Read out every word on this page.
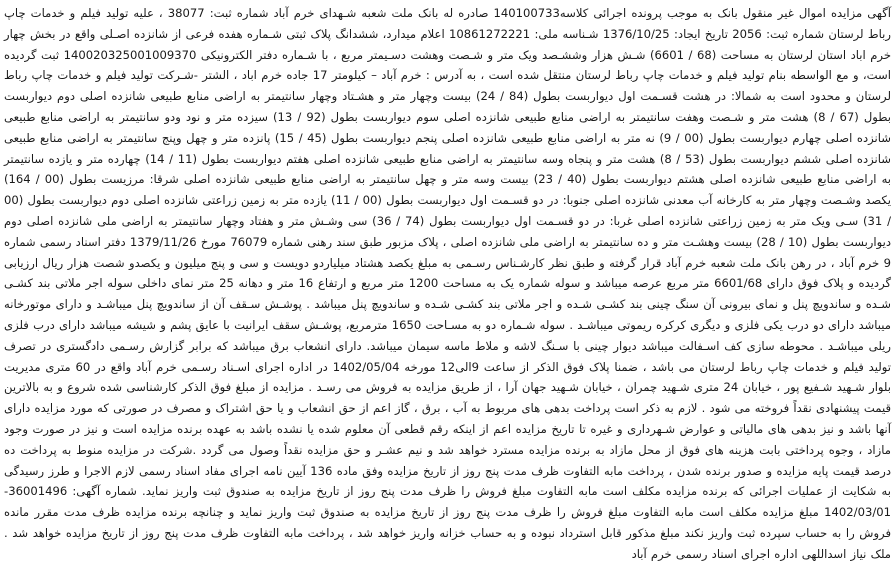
آگهی مزایده اموال غیر منقول بانک به موجب پرونده اجرائی کلاسه140100733 صادره له بانک ملت شعبه شـهدای خرم آباد شماره ثبت: 38077 ، علیه تولید فیلم و خدمات چاپ رباط لرستان شماره ثبت: 2056 تاریخ ایجاد: 1376/10/25 شـناسه ملی: 10861272221 اعلام میدارد، ششدانگ پلاک ثبتی شـماره هفده فرعی از شانزده اصـلی واقع در بخش چهار خرم اباد استان لرستان به مساحت (68 / 6601) شـش هزار وششـصد ویک متر و شـصت وهشت دسـیمتر مربع ، با شـماره دفتر الکترونیکی 140020325001009370 ثبت گردیده است، و مع الواسطه بنام تولید فیلم و خدمات چاپ رباط لرستان منتقل شده است ، به آدرس : خرم آباد – کیلومتر 17 جاده خرم اباد ، الشتر -شـرکت تولید فیلم و خدمات چاپ رباط لرستان و محدود است به شمالا: در هشت قسـمت اول دیواربست بطول (84 / 24) بیست وچهار متر و هشـتاد وچهار سانتیمتر به اراضی منابع طبیعی شانزده اصلی دوم دیواربست بطول (67 / 8) هشت متر و شـصت وهفت سانتیمتر به اراضی منابع طبیعی شانزده اصلی سوم دیواربست بطول (92 / 13) سیزده متر و نود ودو سانتیمتر به اراضی منابع طبیعی شانزده اصلی چهارم دیواربست بطول (00 / 9) نه متر به اراضی منابع طبیعی شانزده اصلی پنجم دیواربست بطول (45 / 15) پانزده متر و چهل وپنج سانتیمتر به اراضی منابع طبیعی شانزده اصلی ششم دیواربست بطول (53 / 8) هشت متر و پنجاه وسه سانتیمتر به اراضی منابع طبیعی شانزده اصلی هفتم دیواربست بطول (11 / 14) چهارده متر و یازده سانتیمتر به اراضی منابع طبیعی شانزده اصلی هشتم دیواربست بطول (40 / 23) بیست وسه متر و چهل سانتیمتر به اراضی منابع طبیعی شانزده اصلی شرقا: مرزیست بطول (00 / 164) یکصد وشـصت وچهار متر به کارخانه آب معدنی شانزده اصلی جنوبا: در دو قسـمت اول دیواربست بطول (00 / 11) یازده متر به زمین زراعتی شانزده اصلی دوم دیواربست بطول (00 / 31) سـی ویک متر به زمین زراعتی شانزده اصلی غربا: در دو قسـمت اول دیواربست بطول (74 / 36) سی وشـش متر و هفتاد وچهار سانتیمتر به اراضی ملی شانزده اصلی دوم دیواربست بطول (10 / 28) بیست وهشـت متر و ده سانتیمتر به اراضی ملی شانزده اصلی ، پلاک مزبور طبق سند رهنی شماره 76079 مورخ 1379/11/26 دفتر اسناد رسمی شماره 9 خرم آباد ، در رهن بانک ملت شعبه خرم آباد قرار گرفته و طبق نظر کارشـناس رسـمی به مبلغ یکصد هشتاد میلیاردو دویست و سی و پنج میلیون و یکصدو شصت هزار ریال ارزیابی گردیده و پلاک فوق دارای 6601/68 متر مربع عرصه میباشد و سوله شماره یک به مساحت 1200 متر مربع و ارتفاع 16 متر و دهانه 25 متر نمای داخلی سوله اجر ملاتی بند کشـی شـده و ساندویچ پنل و نمای بیرونی آن سنگ چینی بند کشـی شـده و اجر ملاتی بند کشـی شـده و ساندویچ پنل میباشد . پوشـش سـقف آن از ساندویچ پنل میباشـد و دارای موتورخانه میباشد دارای دو درب یکی فلزی و دیگری کرکره ریموتی میباشـد . سوله شـماره دو به مسـاحت 1650 مترمربع، پوشـش سقف ایرانیت با عایق پشم و شیشه میباشد دارای درب فلزی ریلی میباشـد . محوطه سازی کف اسـفالت میباشد دیوار چینی با سـنگ لاشه و ملاط ماسه سیمان میباشد. دارای انشعاب برق میباشد که برابر گزارش رسـمی دادگستری در تصرف تولید فیلم و خدمات چاپ رباط لرستان می باشد ، ضمنا پلاک فوق الذکر از ساعت 9الی12 مورخه 1402/05/04 در اداره اجرای اسـناد رسـمی خرم آباد واقع در 60 متری مدیریت بلوار شـهید شـفیع پور ، خیابان 24 متری شـهید چمران ، خیابان شـهید جهان آرا ، از طریق مزایده به فروش می رسـد . مزایده از مبلغ فوق الذکر کارشناسی شده شروع و به بالاترین قیمت پیشنهادی نقداً فروخته می شود . لازم به ذکر است پرداخت بدهی های مربوط به آب ، برق ، گاز اعم از حق انشعاب و یا حق اشتراک و مصرف در صورتی که مورد مزایده دارای آنها باشد و نیز بدهی های مالیاتی و عوارض شـهرداری و غیره تا تاریخ مزایده اعم از اینکه رقم قطعی آن معلوم شده یا نشده باشد به عهده برنده مزایده است و نیز در صورت وجود مازاد ، وجوه پرداختی بابت هزینه های فوق از محل مازاد به برنده مزایده مسترد خواهد شد و نیم عشـر و حق مزایده نقداً وصول می گردد .شرکت در مزایده منوط به پرداخت ده درصد قیمت پایه مزایده و صدور برنده شدن ، پرداخت مابه التفاوت ظرف مدت پنج روز از تاریخ مزایده وفق ماده 136 آیین نامه اجرای مفاد اسناد رسمی لازم الاجرا و طرز رسیدگی به شکایت از عملیات اجرائی که برنده مزایده مکلف است مابه التفاوت مبلغ فروش را ظرف مدت پنج روز از تاریخ مزایده به صندوق ثبت واریز نماید. شماره آگهی: 36001496-1402/03/01 مبلغ مزایده مکلف است مابه التفاوت مبلغ فروش را ظرف مدت پنج روز از تاریخ مزایده به صندوق ثبت واریز نماید و چنانچه برنده مزایده ظرف مدت مقرر مانده فروش را به حساب سپرده ثبت واریز نکند مبلغ مذکور قابل استرداد نبوده و به حساب خزانه واریز خواهد شد ، پرداخت مابه التفاوت ظرف مدت پنج روز از تاریخ مزایده خواهد شد . ملک نیاز اسداللهی اداره اجرای اسناد رسمی خرم آباد
